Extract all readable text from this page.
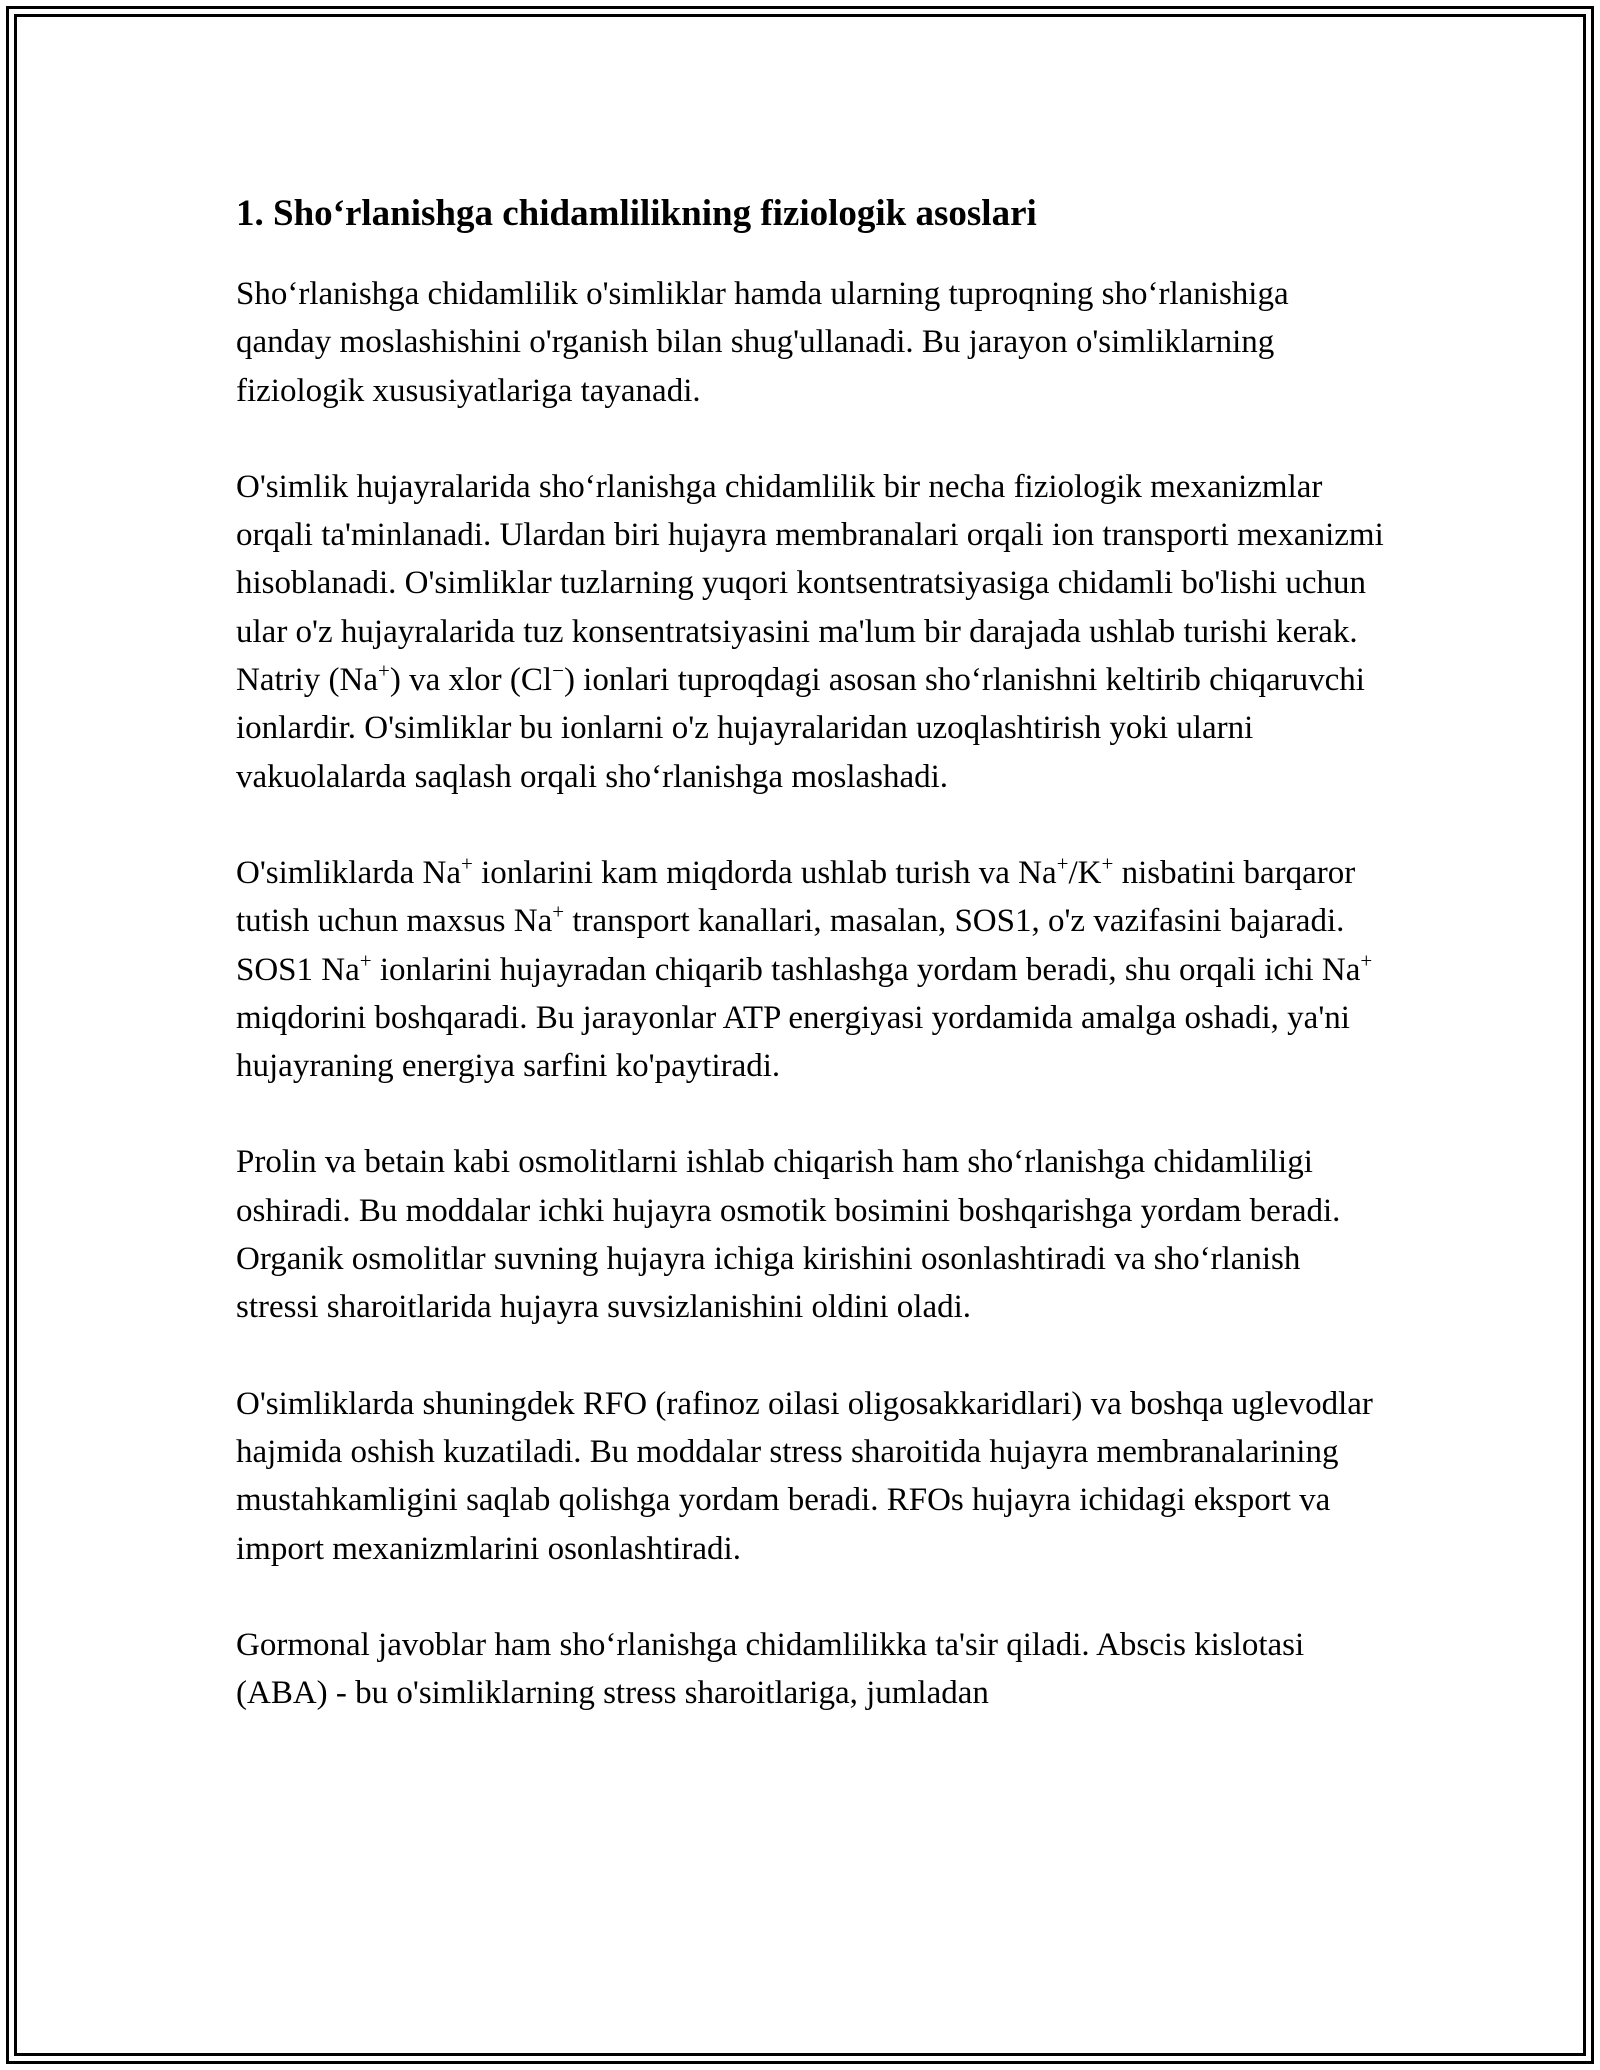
1. Sho‘rlanishga chidamlilikning fiziologik asoslari

Sho‘rlanishga chidamlilik o'simliklar hamda ularning tuproqning sho‘rlanishiga qanday moslashishini o'rganish bilan shug'ullanadi. Bu jarayon o'simliklarning fiziologik xususiyatlariga tayanadi.

O'simlik hujayralarida sho‘rlanishga chidamlilik bir necha fiziologik mexanizmlar orqali ta'minlanadi. Ulardan biri hujayra membranalari orqali ion transporti mexanizmi hisoblanadi. O'simliklar tuzlarning yuqori kontsentratsiyasiga chidamli bo'lishi uchun ular o'z hujayralarida tuz konsentratsiyasini ma'lum bir darajada ushlab turishi kerak. Natriy (Na+) va xlor (Cl−) ionlari tuproqdagi asosan sho‘rlanishni keltirib chiqaruvchi ionlardir. O'simliklar bu ionlarni o'z hujayralaridan uzoqlashtirish yoki ularni vakuolalarda saqlash orqali sho‘rlanishga moslashadi.

O'simliklarda Na+ ionlarini kam miqdorda ushlab turish va Na+/K+ nisbatini barqaror tutish uchun maxsus Na+ transport kanallari, masalan, SOS1, o'z vazifasini bajaradi. SOS1 Na+ ionlarini hujayradan chiqarib tashlashga yordam beradi, shu orqali ichi Na+ miqdorini boshqaradi. Bu jarayonlar ATP energiyasi yordamida amalga oshadi, ya'ni hujayraning energiya sarfini ko'paytiradi.

Prolin va betain kabi osmolitlarni ishlab chiqarish ham sho‘rlanishga chidamliligi oshiradi. Bu moddalar ichki hujayra osmotik bosimini boshqarishga yordam beradi. Organik osmolitlar suvning hujayra ichiga kirishini osonlashtiradi va sho‘rlanish stressi sharoitlarida hujayra suvsizlanishini oldini oladi.

O'simliklarda shuningdek RFO (rafinoz oilasi oligosakkaridlari) va boshqa uglevodlar hajmida oshish kuzatiladi. Bu moddalar stress sharoitida hujayra membranalarining mustahkamligini saqlab qolishga yordam beradi. RFOs hujayra ichidagi eksport va import mexanizmlarini osonlashtiradi.

Gormonal javoblar ham sho‘rlanishga chidamlilikka ta'sir qiladi. Abscis kislotasi (ABA) - bu o'simliklarning stress sharoitlariga, jumladan
